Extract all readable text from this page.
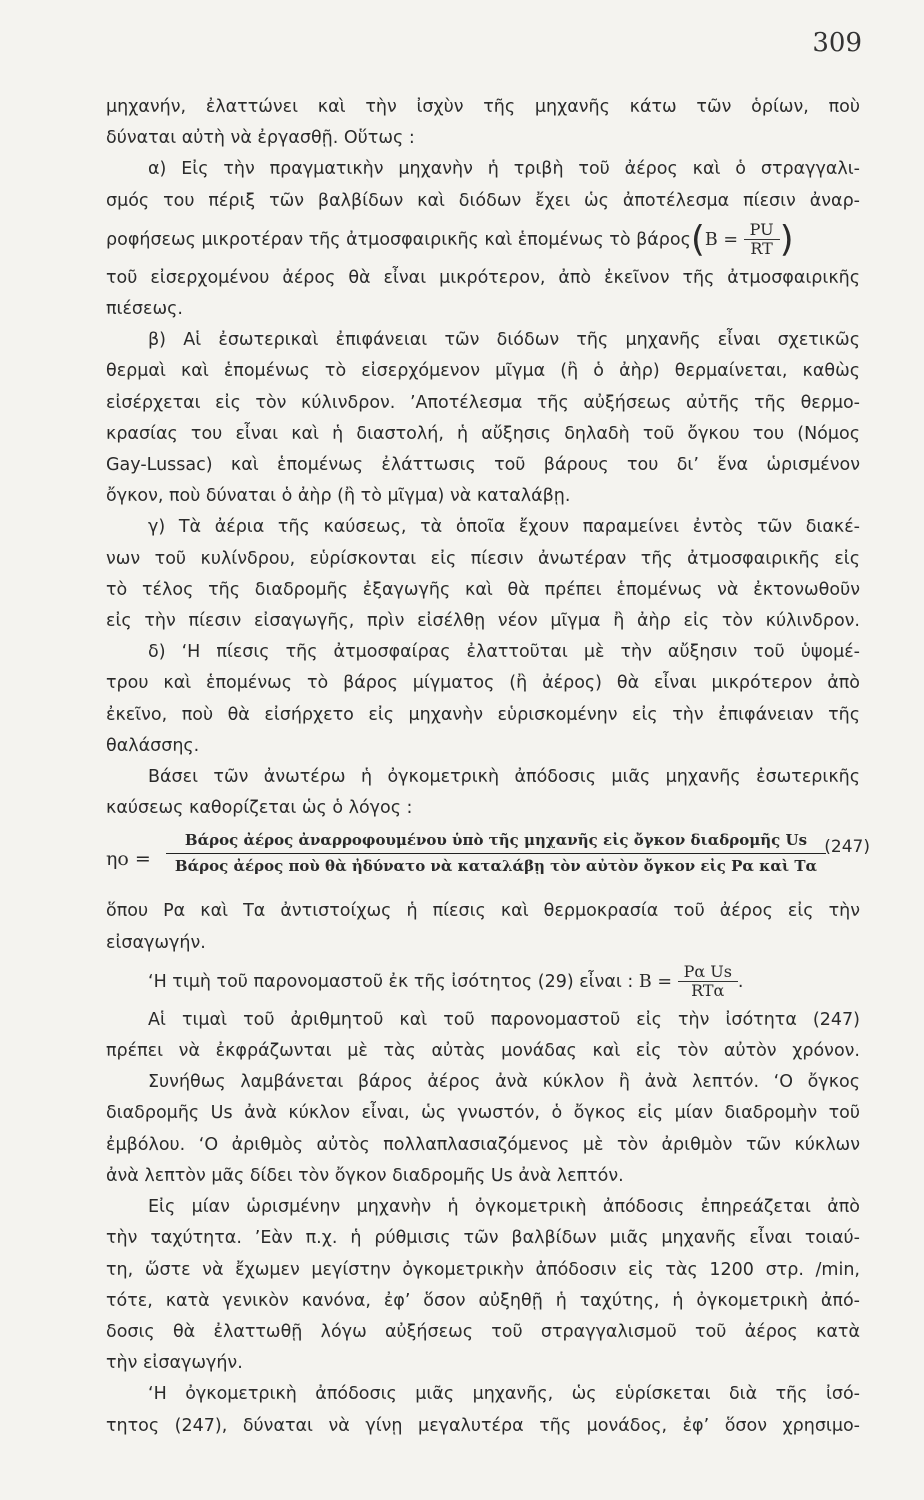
309
μηχανήν, ἐλαττώνει καὶ τὴν ἰσχὺν τῆς μηχανῆς κάτω τῶν ὁρίων, ποὺ
δύναται αὐτὴ νὰ ἐργασθῇ. Οὕτως :
α) Εἰς τὴν πραγματικὴν μηχανὴν ἡ τριβὴ τοῦ ἀέρος καὶ ὁ στραγγαλι-
σμός του πέριξ τῶν βαλβίδων καὶ διόδων ἔχει ὡς ἀποτέλεσμα πίεσιν ἀναρ-
ροφήσεως μικροτέραν τῆς ἀτμοσφαιρικῆς καὶ ἑπομένως τὸ $\beta ά\rho o\varsigma(B = \frac{PU}{RT}$ )
τοῦ εἰσερχομένου ἀέρος θὰ εἶναι μικρότερον, ἀπὸ ἐκεῖνον τῆς ἀτμοσφαιρικῆς
πιέσεως.
β) Αἱ ἐσωτερικαὶ ἐπιφάνειαι τῶν διόδων τῆς μηχανῆς εἶναι σχετικῶς
θερμαὶ καὶ ἑπομένως τὸ εἰσερχόμενον μῖγμα (ἢ ὁ ἀὴρ) θερμαίνεται, καθὼς
εἰσέρχεται εἰς τὸν κύλινδρον. ’Αποτέλεσμα τῆς αὐξήσεως αὐτῆς τῆς θερμο-
κρασίας του εἶναι καὶ ἡ διαστολή, ἡ αὔξησις δηλαδὴ τοῦ ὄγκου του (Νόμος
Gay-Lussac) καὶ ἑπομένως ἐλάττωσις τοῦ βάρους του δι’ ἕνα ὡρισμένον
ὄγκον, ποὺ δύναται ὁ ἀὴρ (ἢ τὸ μῖγμα) νὰ καταλάβῃ.
γ) Τὰ ἀέρια τῆς καύσεως, τὰ ὁποῖα ἔχουν παραμείνει ἐντὸς τῶν διακέ-
νων τοῦ κυλίνδρου, εὑρίσκονται εἰς πίεσιν ἀνωτέραν τῆς ἀτμοσφαιρικῆς εἰς
τὸ τέλος τῆς διαδρομῆς ἐξαγωγῆς καὶ θὰ πρέπει ἑπομένως νὰ ἐκτονωθοῦν
εἰς τὴν πίεσιν εἰσαγωγῆς, πρὶν εἰσέλθῃ νέον μῖγμα ἢ ἀὴρ εἰς τὸν κύλινδρον.
δ) ‘Η πίεσις τῆς ἀτμοσφαίρας ἐλαττοῦται μὲ τὴν αὔξησιν τοῦ ὑψομέ-
τρου καὶ ἑπομένως τὸ βάρος μίγματος (ἢ ἀέρος) θὰ εἶναι μικρότερον ἀπὸ
ἐκεῖνο, ποὺ θὰ εἰσήρχετο εἰς μηχανὴν εὑρισκομένην εἰς τὴν ἐπιφάνειαν τῆς
θαλάσσης.
Βάσει τῶν ἀνωτέρω ἡ ὀγκομετρικὴ ἀπόδοσις μιᾶς μηχανῆς ἐσωτερικῆς
καύσεως καθορίζεται ὡς ὁ λόγος :
ηο =
Βάρος ἀέρος ἀναρροφουμένου ὑπὸ τῆς μηχανῆς εἰς ὄγκον διαδρομῆς Us
Βάρος ἀέρος ποὺ θὰ ἠδύνατο νὰ καταλάβῃ τὸν αὐτὸν ὄγκον εἰς Pα καὶ Tα
(247)
ὅπου Pα καὶ Tα ἀντιστοίχως ἡ πίεσις καὶ θερμοκρασία τοῦ ἀέρος εἰς τὴν
εἰσαγωγήν.
‘Η τιμὴ τοῦ παρονομαστοῦ ἐκ τῆς ἰσότητος (29) εἶναι : $B = \frac{\text{Pα Us}}{\text{RTα}}$ .
Αἱ τιμαὶ τοῦ ἀριθμητοῦ καὶ τοῦ παρονομαστοῦ εἰς τὴν ἰσότητα (247)
πρέπει νὰ ἐκφράζωνται μὲ τὰς αὐτὰς μονάδας καὶ εἰς τὸν αὐτὸν χρόνον.
Συνήθως λαμβάνεται βάρος ἀέρος ἀνὰ κύκλον ἢ ἀνὰ λεπτόν. ‘Ο ὄγκος
διαδρομῆς Us ἀνὰ κύκλον εἶναι, ὡς γνωστόν, ὁ ὄγκος εἰς μίαν διαδρομὴν τοῦ
ἐμβόλου. ‘Ο ἀριθμὸς αὐτὸς πολλαπλασιαζόμενος μὲ τὸν ἀριθμὸν τῶν κύκλων
ἀνὰ λεπτὸν μᾶς δίδει τὸν ὄγκον διαδρομῆς Us ἀνὰ λεπτόν.
Εἰς μίαν ὡρισμένην μηχανὴν ἡ ὀγκομετρικὴ ἀπόδοσις ἐπηρεάζεται ἀπὸ
τὴν ταχύτητα. ’Εὰν π.χ. ἡ ρύθμισις τῶν βαλβίδων μιᾶς μηχανῆς εἶναι τοιαύ-
τη, ὥστε νὰ ἔχωμεν μεγίστην ὀγκομετρικὴν ἀπόδοσιν εἰς τὰς 1200 στρ. /min,
τότε, κατὰ γενικὸν κανόνα, ἐφ’ ὅσον αὐξηθῇ ἡ ταχύτης, ἡ ὀγκομετρικὴ ἀπό-
δοσις θὰ ἐλαττωθῇ λόγω αὐξήσεως τοῦ στραγγαλισμοῦ τοῦ ἀέρος κατὰ
τὴν εἰσαγωγήν.
‘Η ὀγκομετρικὴ ἀπόδοσις μιᾶς μηχανῆς, ὡς εὑρίσκεται διὰ τῆς ἰσό-
τητος (247), δύναται νὰ γίνῃ μεγαλυτέρα τῆς μονάδος, ἐφ’ ὅσον χρησιμο-
